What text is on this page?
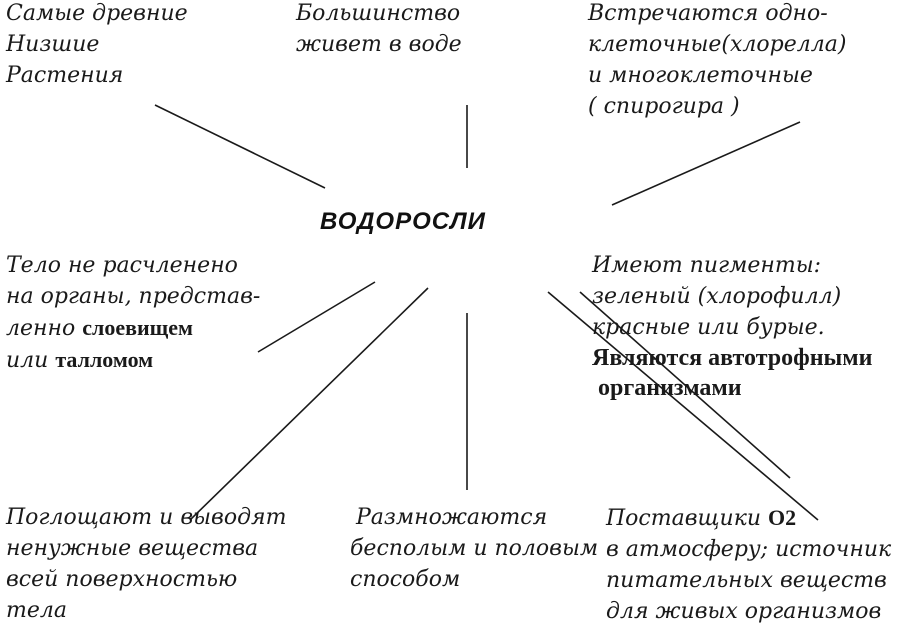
ВОДОРОСЛИ
Самые древние
Низшие
Растения
Большинство
живет в воде
Встречаются одно-
клеточные(хлорелла)
и многоклеточные
( спирогира )
Тело не расчленено
на органы, представ-
ленно слоевищем
или талломом
Имеют пигменты:
зеленый (хлорофилл)
красные или бурые.
Являются автотрофными
организмами
Поглощают и выводят
ненужные вещества
всей поверхностью
тела
Размножаются
бесполым и половым
способом
Поставщики О2
в атмосферу; источник
питательных веществ
для живых организмов
